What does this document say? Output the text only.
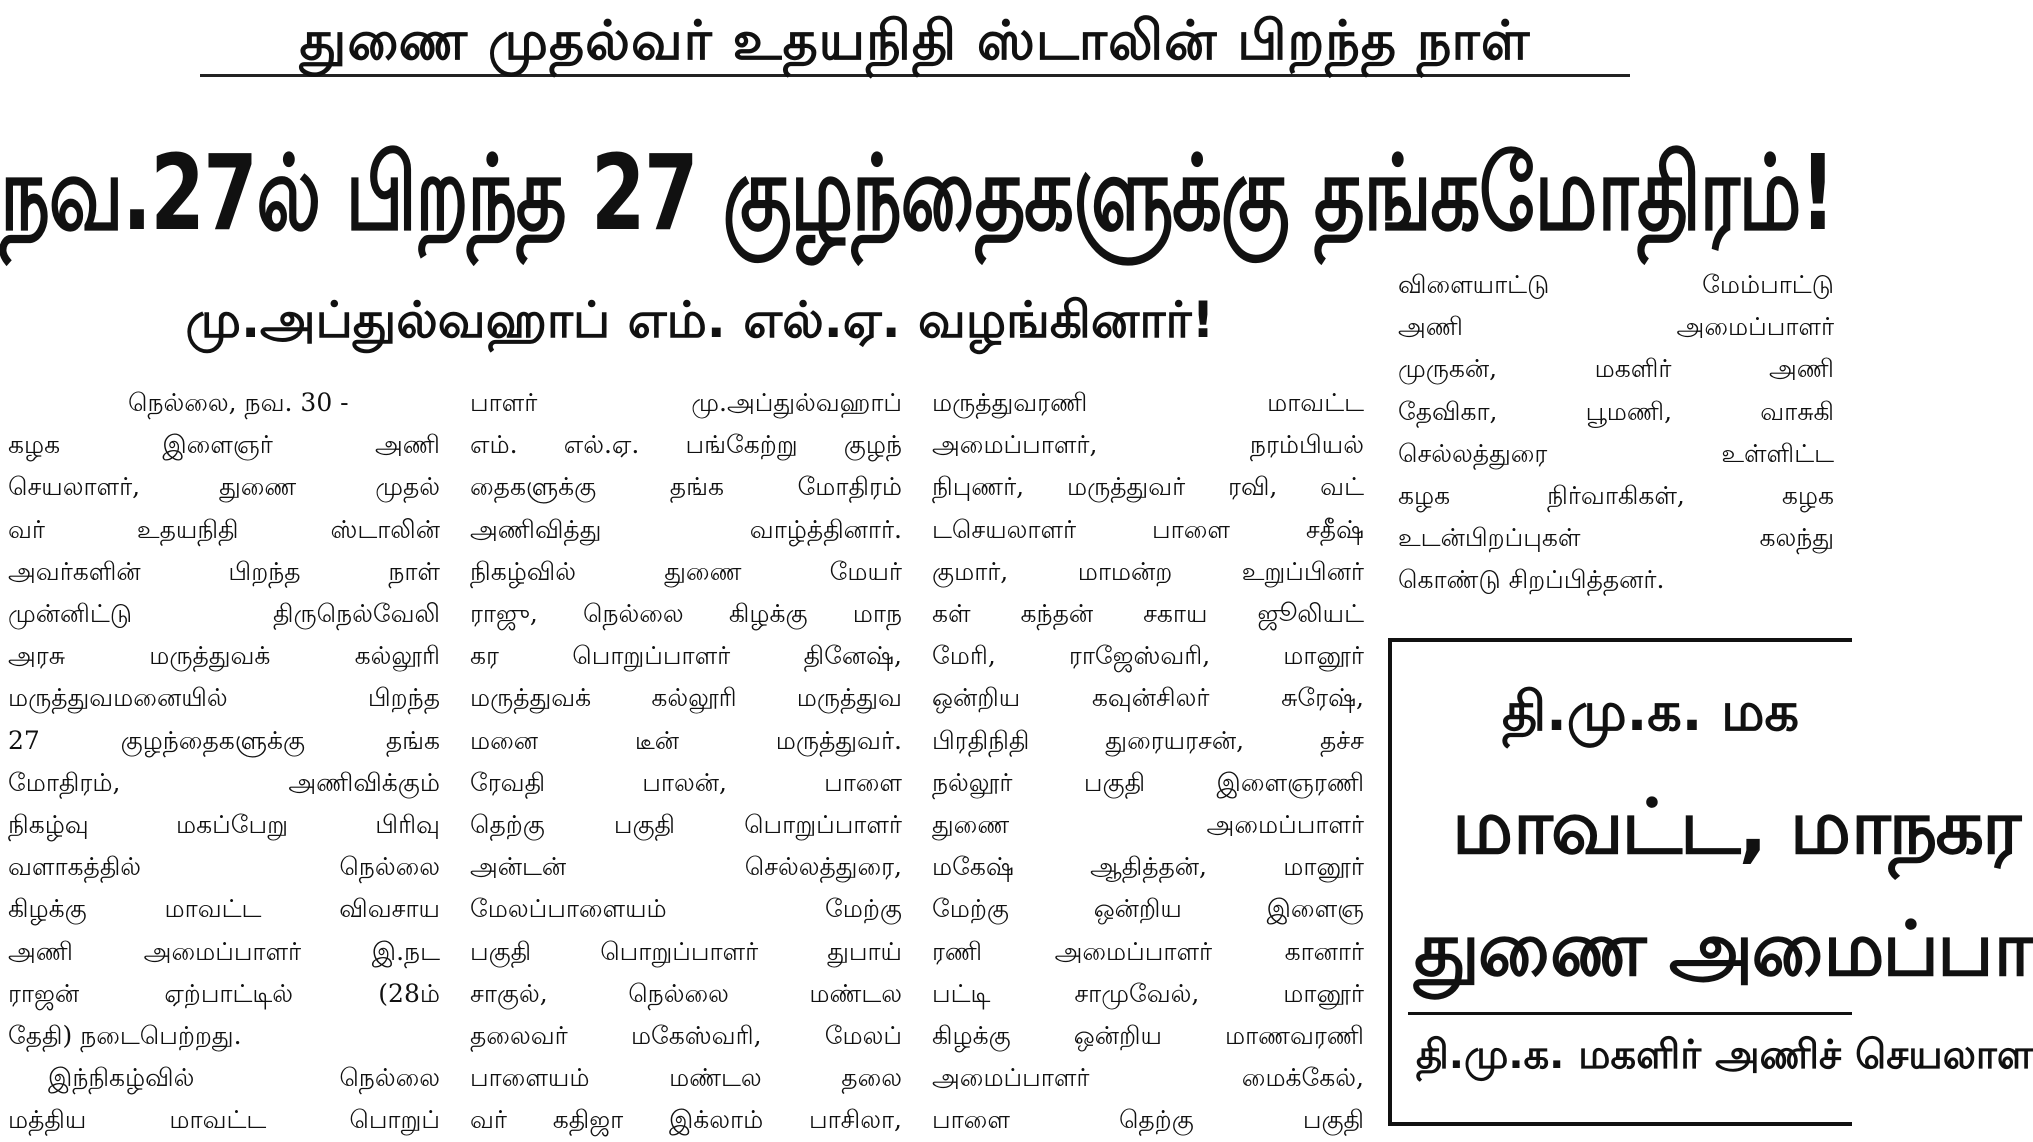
துணை முதல்வர் உதயநிதி ஸ்டாலின் பிறந்த நாள்
நவ.27ல் பிறந்த 27 குழந்தைகளுக்கு தங்கமோதிரம்!
மு.அப்துல்வஹாப் எம். எல்.ஏ. வழங்கினார்!

நெல்லை, நவ. 30 -

கழக இளைஞர் அணி

செயலாளர், துணை முதல்

வர் உதயநிதி ஸ்டாலின்

அவர்களின் பிறந்த நாள்

முன்னிட்டு திருநெல்வேலி

அரசு மருத்துவக் கல்லூரி

மருத்துவமனையில் பிறந்த

27 குழந்தைகளுக்கு தங்க

மோதிரம், அணிவிக்கும்

நிகழ்வு மகப்பேறு பிரிவு

வளாகத்தில் நெல்லை

கிழக்கு மாவட்ட விவசாய

அணி அமைப்பாளர் இ.நட

ராஜன் ஏற்பாட்டில் (28ம்

தேதி) நடைபெற்றது.

இந்நிகழ்வில் நெல்லை

மத்திய மாவட்ட பொறுப்

பாளர் மு.அப்துல்வஹாப்

எம். எல்.ஏ. பங்கேற்று குழந்

தைகளுக்கு தங்க மோதிரம்

அணிவித்து வாழ்த்தினார்.

நிகழ்வில் துணை மேயர்

ராஜு, நெல்லை கிழக்கு மாந

கர பொறுப்பாளர் தினேஷ்,

மருத்துவக் கல்லூரி மருத்துவ

மனை டீன் மருத்துவர்.

ரேவதி பாலன், பாளை

தெற்கு பகுதி பொறுப்பாளர்

அன்டன் செல்லத்துரை,

மேலப்பாளையம் மேற்கு

பகுதி பொறுப்பாளர் துபாய்

சாகுல், நெல்லை மண்டல

தலைவர் மகேஸ்வரி, மேலப்

பாளையம் மண்டல தலை

வர் கதிஜா இக்லாம் பாசிலா,

மருத்துவரணி மாவட்ட

அமைப்பாளர், நரம்பியல்

நிபுணர், மருத்துவர் ரவி, வட்

டசெயலாளர் பாளை சதீஷ்

குமார், மாமன்ற உறுப்பினர்

கள் கந்தன் சகாய ஜூலியட்

மேரி, ராஜேஸ்வரி, மானூர்

ஒன்றிய கவுன்சிலர் சுரேஷ்,

பிரதிநிதி துரையரசன், தச்ச

நல்லூர் பகுதி இளைஞரணி

துணை அமைப்பாளர்

மகேஷ் ஆதித்தன், மானூர்

மேற்கு ஒன்றிய இளைஞ

ரணி அமைப்பாளர் கானார்

பட்டி சாமுவேல், மானூர்

கிழக்கு ஒன்றிய மாணவரணி

அமைப்பாளர் மைக்கேல்,

பாளை தெற்கு பகுதி

விளையாட்டு மேம்பாட்டு

அணி அமைப்பாளர்

முருகன், மகளிர் அணி

தேவிகா, பூமணி, வாசுகி

செல்லத்துரை உள்ளிட்ட

கழக நிர்வாகிகள், கழக

உடன்பிறப்புகள் கலந்து

கொண்டு சிறப்பித்தனர்.

தி.மு.க. மக
மாவட்ட, மாநகர
துணை அமைப்பா
தி.மு.க. மகளிர் அணிச் செயலாள
